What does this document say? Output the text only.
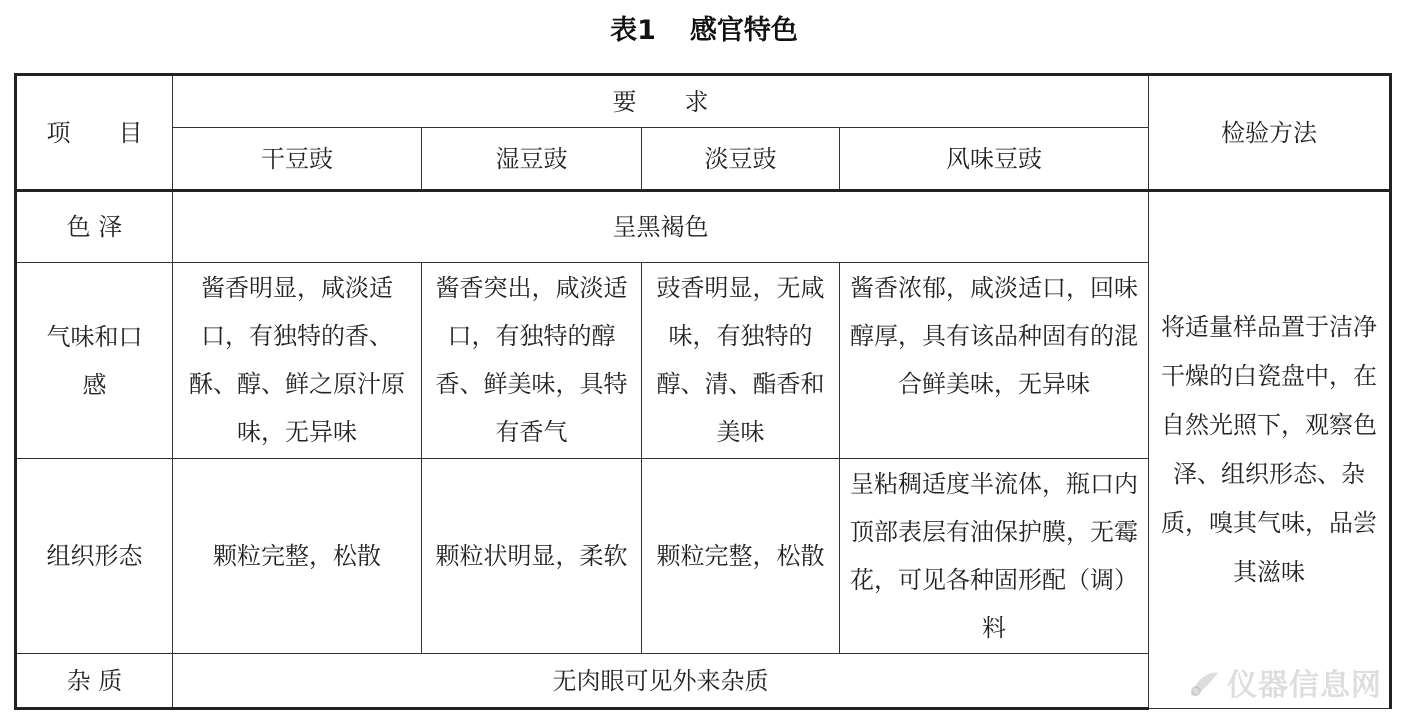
表1 感官特色
项　　目	要　　求				检验方法
	干豆豉	湿豆豉	淡豆豉	风味豆豉	
色 泽	呈黑褐色				将适量样品置于洁净干燥的白瓷盘中，在自然光照下，观察色泽、组织形态、杂质，嗅其气味，品尝其滋味

气味和口感	酱香明显，咸淡适口，有独特的香、酥、醇、鲜之原汁原味，无异味	酱香突出，咸淡适口，有独特的醇香、鲜美味，具特有香气	豉香明显，无咸味，有独特的醇、清、酯香和美味	酱香浓郁，咸淡适口，回味醇厚，具有该品种固有的混合鲜美味，无异味	
组织形态	颗粒完整，松散	颗粒状明显，柔软	颗粒完整，松散	呈粘稠适度半流体，瓶口内顶部表层有油保护膜，无霉花，可见各种固形配（调）料	
杂 质	无肉眼可见外来杂质					仪器信息网
